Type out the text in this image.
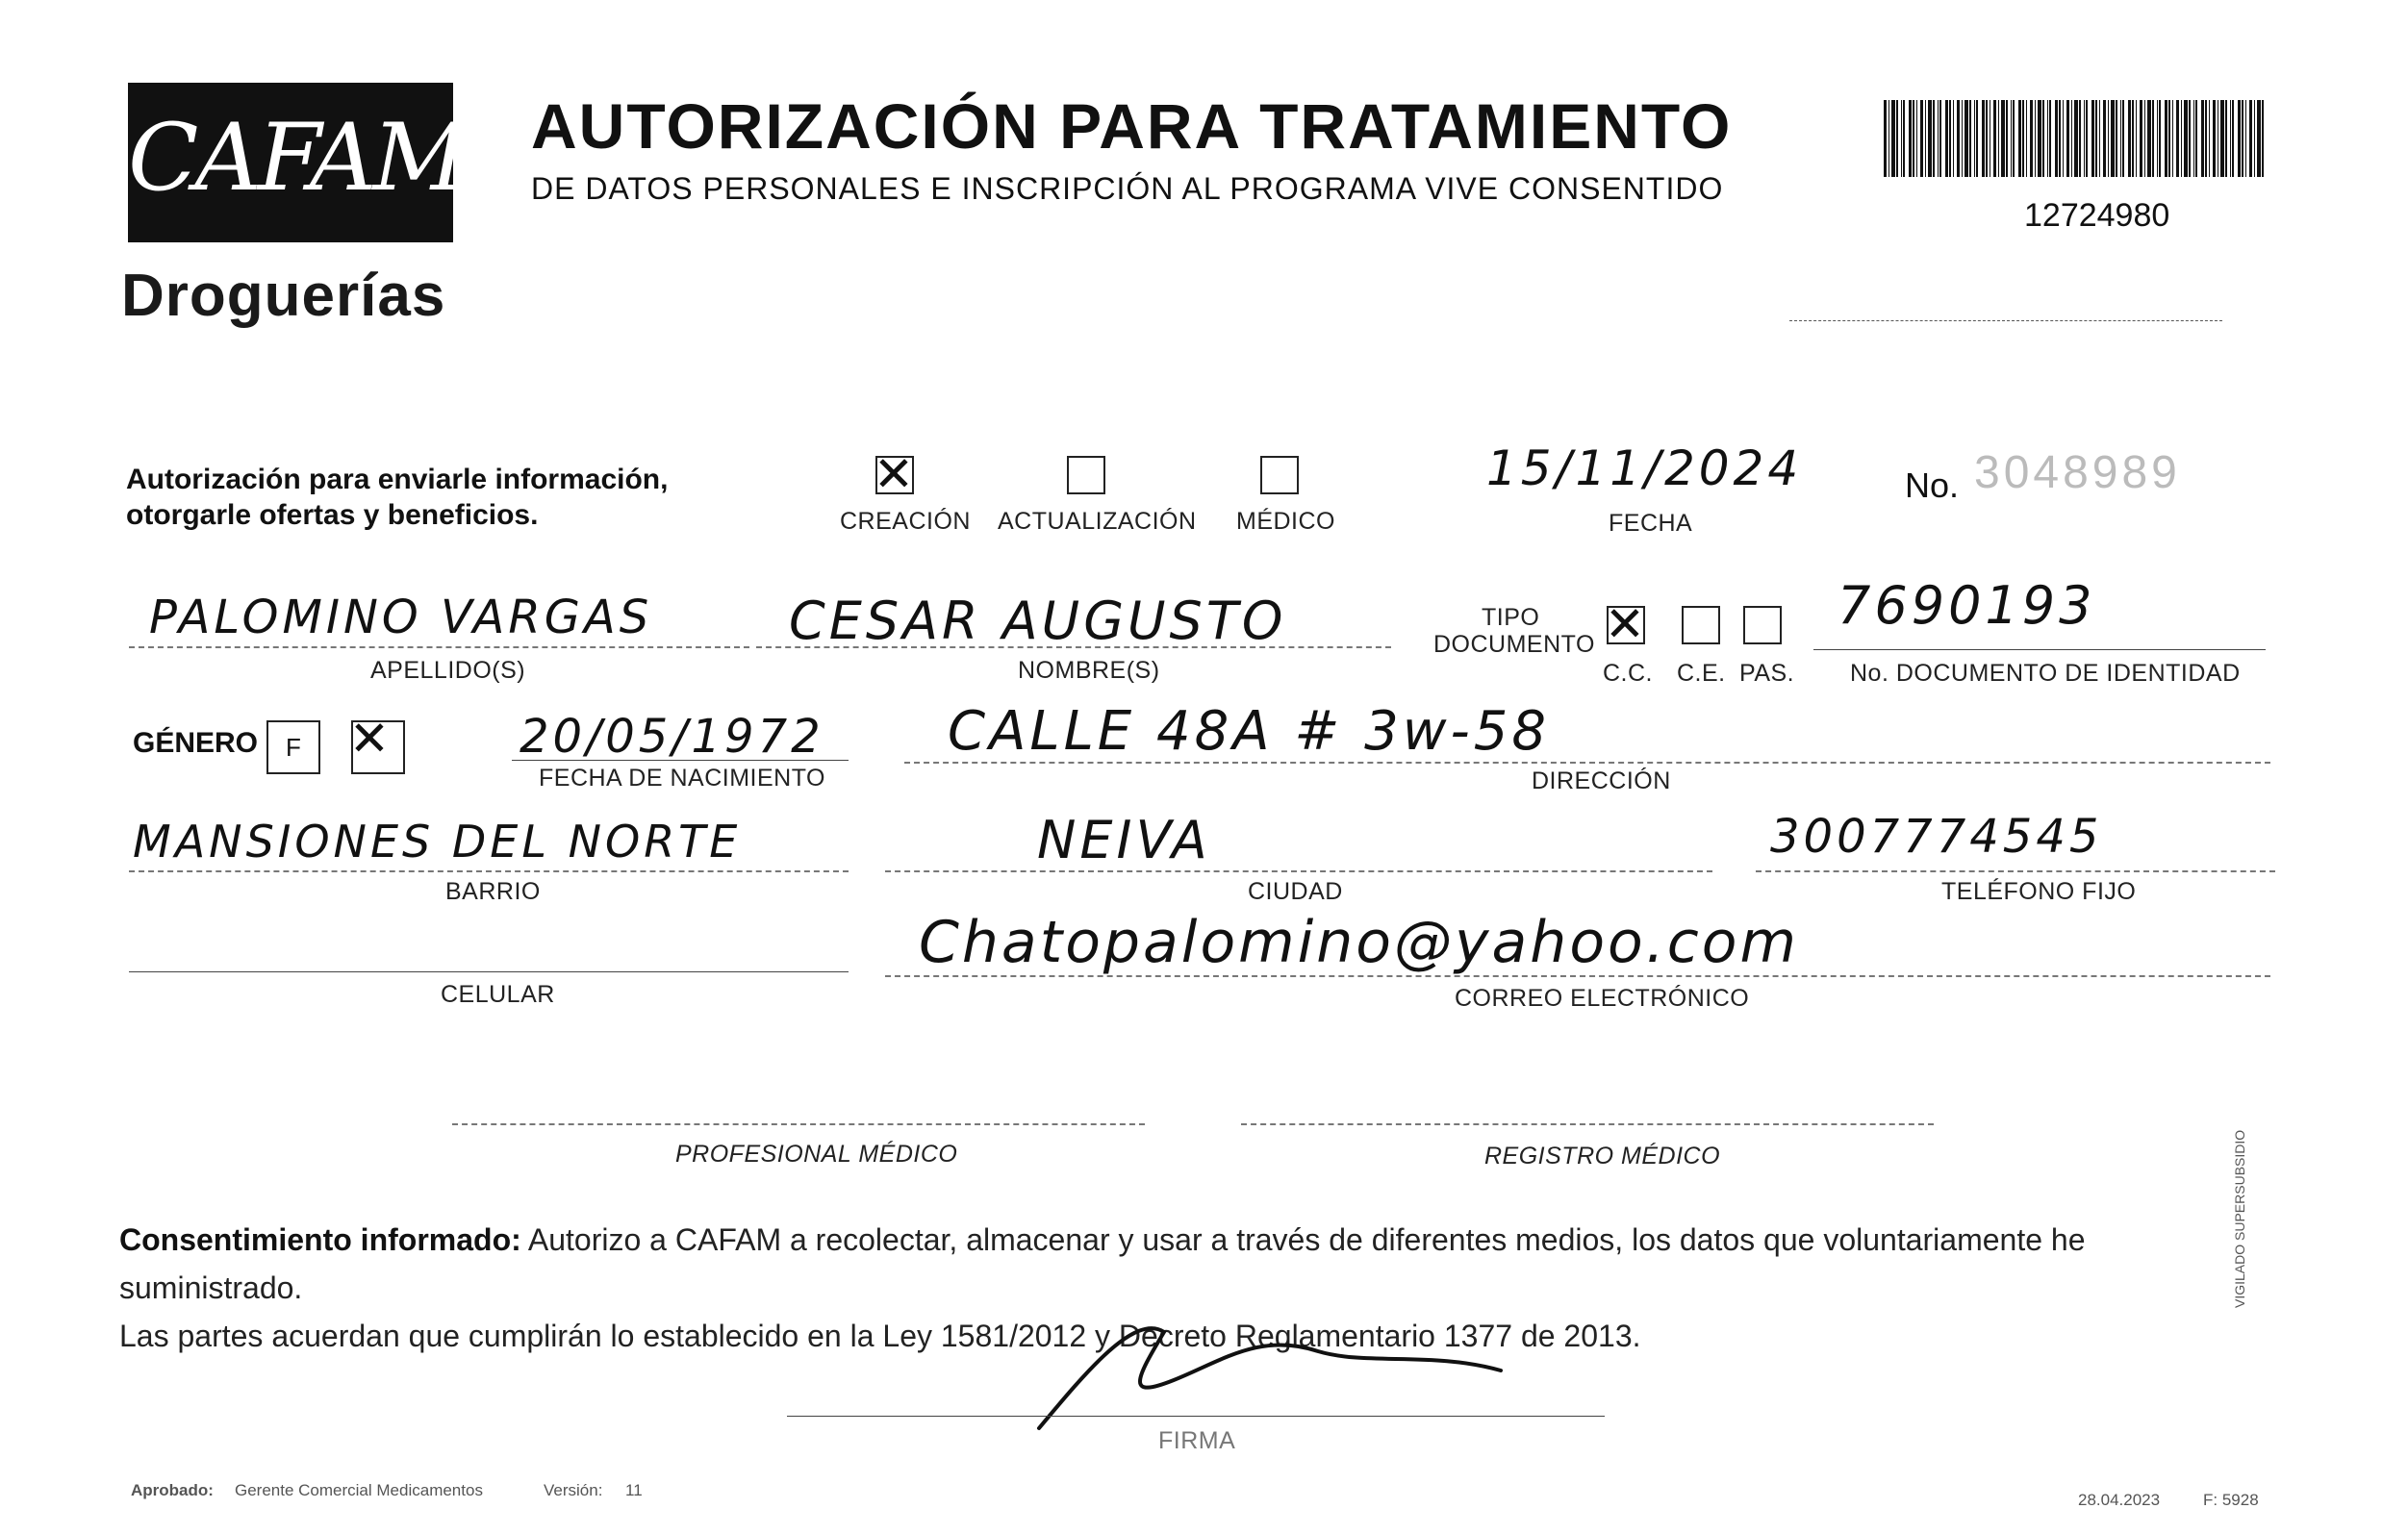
CAFAM
Droguerías
AUTORIZACIÓN PARA TRATAMIENTO
DE DATOS PERSONALES E INSCRIPCIÓN AL PROGRAMA VIVE CONSENTIDO
12724980
Autorización para enviarle información,
otorgarle ofertas y beneficios.
✕	CREACIÓN ACTUALIZACIÓN MÉDICO
15/11/2024
FECHA
No. 3048989
PALOMINO VARGAS
APELLIDO(S)
CESAR AUGUSTO
NOMBRE(S)
TIPO
DOCUMENTO
✕
C.C. C.E. PAS.
7690193
No. DOCUMENTO DE IDENTIDAD
GÉNERO	F
✕	20/05/1972
FECHA DE NACIMIENTO
CALLE 48A # 3w-58
DIRECCIÓN
MANSIONES DEL NORTE
BARRIO
NEIVA
CIUDAD
3007774545
TELÉFONO FIJO
CELULAR
Chatopalomino@yahoo.com
CORREO ELECTRÓNICO
PROFESIONAL MÉDICO	REGISTRO MÉDICO
Consentimiento informado: Autorizo a CAFAM a recolectar, almacenar y usar a través de diferentes medios, los datos que voluntariamente he suministrado.
Las partes acuerdan que cumplirán lo establecido en la Ley 1581/2012 y Decreto Reglamentario 1377 de 2013.
FIRMA
Aprobado: Gerente Comercial Medicamentos	Versión: 11
28.04.2023	F: 5928
VIGILADO SUPERSUBSIDIO
